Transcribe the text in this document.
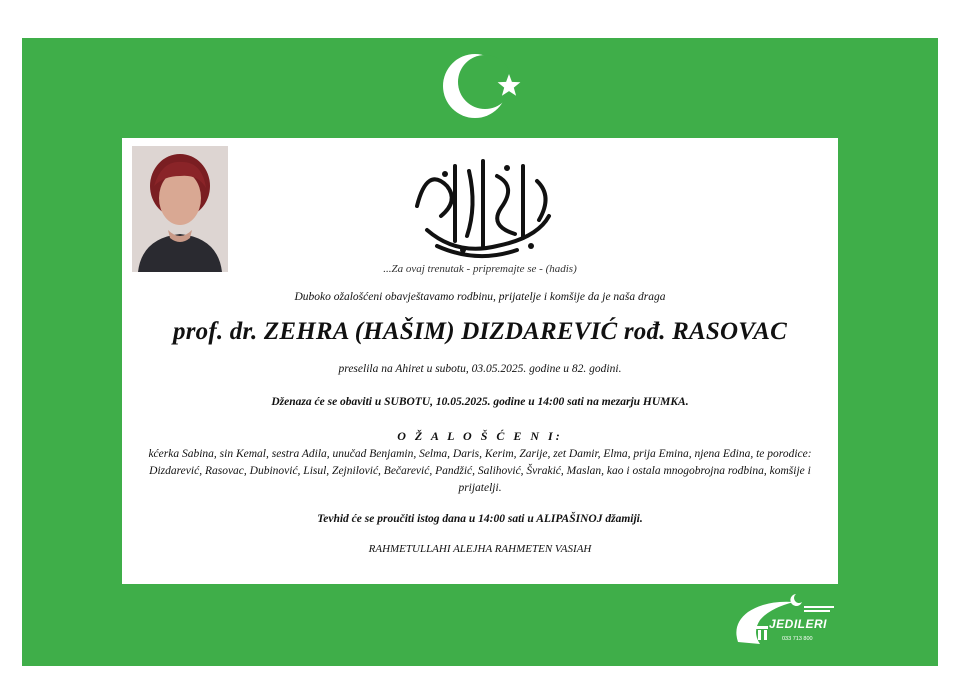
...Za ovaj trenutak - pripremajte se - (hadis)
Duboko ožalošćeni obavještavamo rodbinu, prijatelje i komšije da je naša draga
prof. dr. ZEHRA (HAŠIM) DIZDAREVIĆ rođ. RASOVAC
preselila na Ahiret u subotu, 03.05.2025. godine u 82. godini.
Dženaza će se obaviti u SUBOTU, 10.05.2025. godine u 14:00 sati na mezarju HUMKA.
O Ž A L O Š Ć E N I:
kćerka Sabina, sin Kemal, sestra Adila, unučad Benjamin, Selma, Daris, Kerim, Zarije, zet Damir, Elma, prija Emina, njena Edina, te porodice: Dizdarević, Rasovac, Dubinović, Lisul, Zejnilović, Bečarević, Pandžić, Salihović, Švrakić, Maslan, kao i ostala mnogobrojna rodbina, komšije i prijatelji.
Tevhid će se proučiti istog dana u 14:00 sati u ALIPAŠINOJ džamiji.
RAHMETULLAHI ALEJHA RAHMETEN VASIAH
JEDILERI
033 713 800
